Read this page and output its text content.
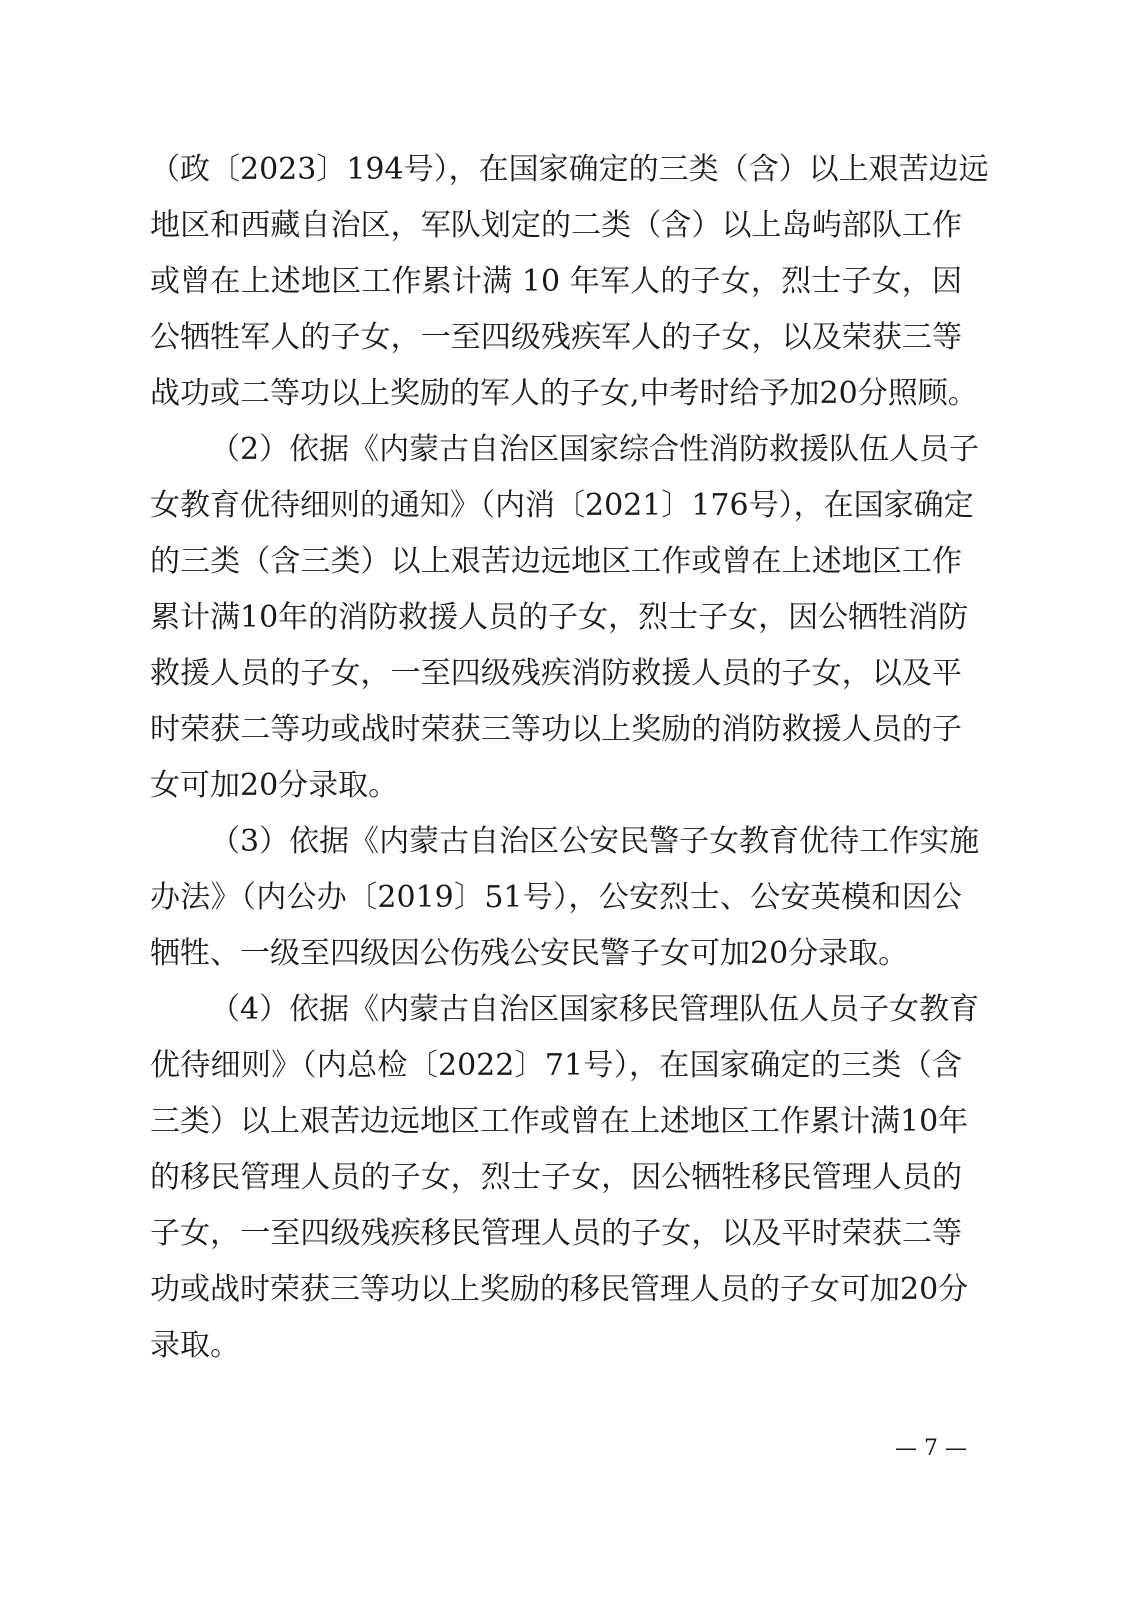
（政〔2023〕194号），在国家确定的三类（含）以上艰苦边远
地区和西藏自治区，军队划定的二类（含）以上岛屿部队工作
或曾在上述地区工作累计满 10 年军人的子女，烈士子女，因
公牺牲军人的子女，一至四级残疾军人的子女，以及荣获三等
战功或二等功以上奖励的军人的子女,中考时给予加20分照顾。
（2）依据《内蒙古自治区国家综合性消防救援队伍人员子
女教育优待细则的通知》（内消〔2021〕176号），在国家确定
的三类（含三类）以上艰苦边远地区工作或曾在上述地区工作
累计满10年的消防救援人员的子女，烈士子女，因公牺牲消防
救援人员的子女，一至四级残疾消防救援人员的子女，以及平
时荣获二等功或战时荣获三等功以上奖励的消防救援人员的子
女可加20分录取。
（3）依据《内蒙古自治区公安民警子女教育优待工作实施
办法》（内公办〔2019〕51号），公安烈士、公安英模和因公
牺牲、一级至四级因公伤残公安民警子女可加20分录取。
（4）依据《内蒙古自治区国家移民管理队伍人员子女教育
优待细则》（内总检〔2022〕71号），在国家确定的三类（含
三类）以上艰苦边远地区工作或曾在上述地区工作累计满10年
的移民管理人员的子女，烈士子女，因公牺牲移民管理人员的
子女，一至四级残疾移民管理人员的子女，以及平时荣获二等
功或战时荣获三等功以上奖励的移民管理人员的子女可加20分
录取。
— 7 —
